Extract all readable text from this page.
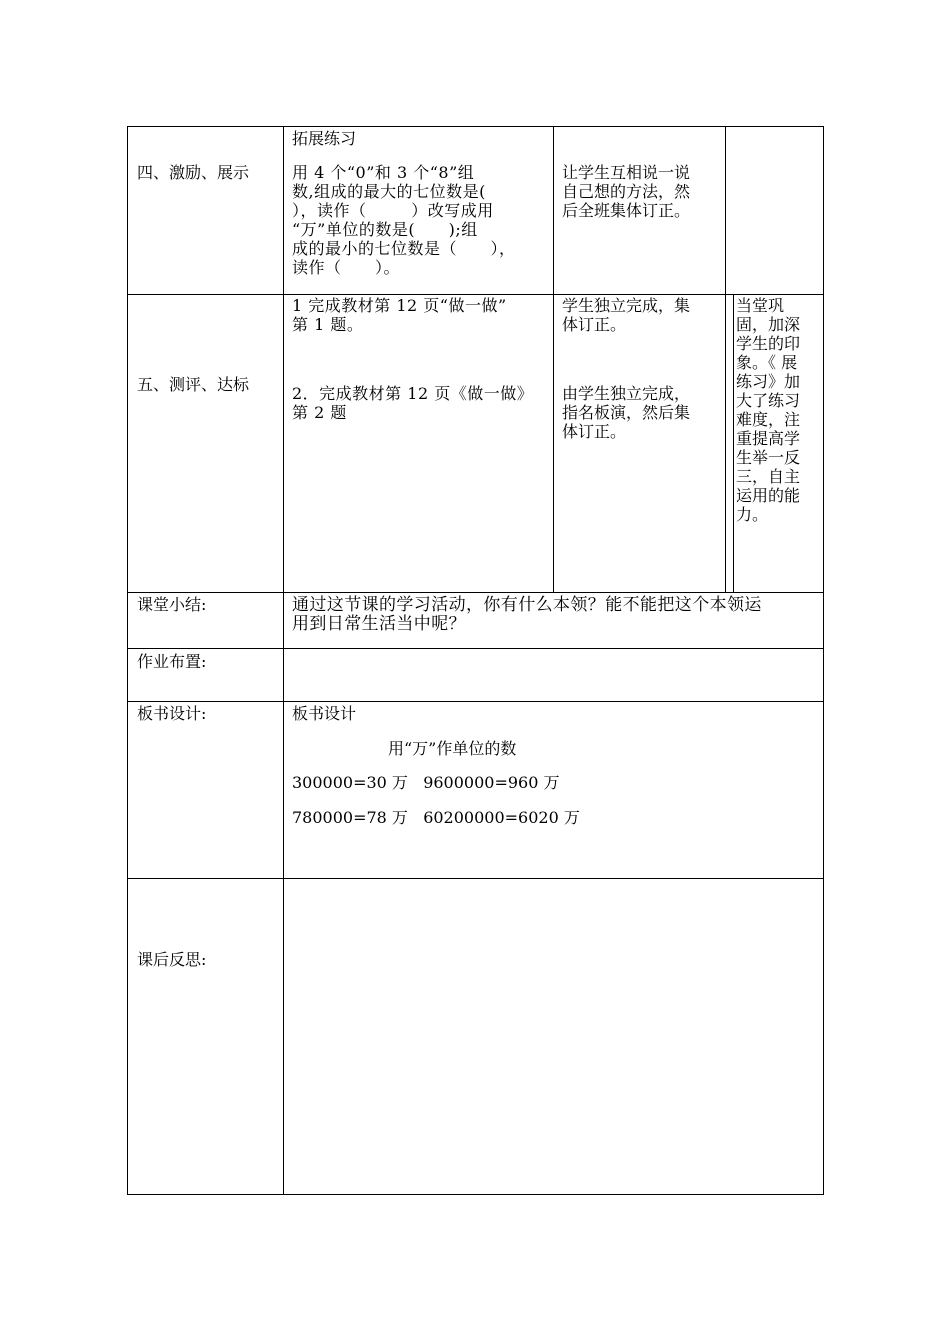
四、激励、展示
拓展练习
用 4 个“0”和 3 个“8”组
数,组成的最大的七位数是(
），读作（        ）改写成用
“万”单位的数是(      );组
成的最小的七位数是（      ），
读作（      ）。
让学生互相说一说
自己想的方法，然
后全班集体订正。
五、测评、达标
1 完成教材第 12 页“做一做”
第 1 题。
2．完成教材第 12 页《做一做》
第 2 题
学生独立完成，集
体订正。
由学生独立完成，
指名板演，然后集
体订正。
当堂巩
固，加深
学生的印
象。《 展
练习》加
大了练习
难度，注
重提高学
生举一反
三，自主
运用的能
力。
课堂小结:	通过这节课的学习活动，你有什么本领？能不能把这个本领运
用到日常生活当中呢？
作业布置:
板书设计:	板书设计
用“万”作单位的数
300000=30 万   9600000=960 万
780000=78 万   60200000=6020 万
课后反思:
